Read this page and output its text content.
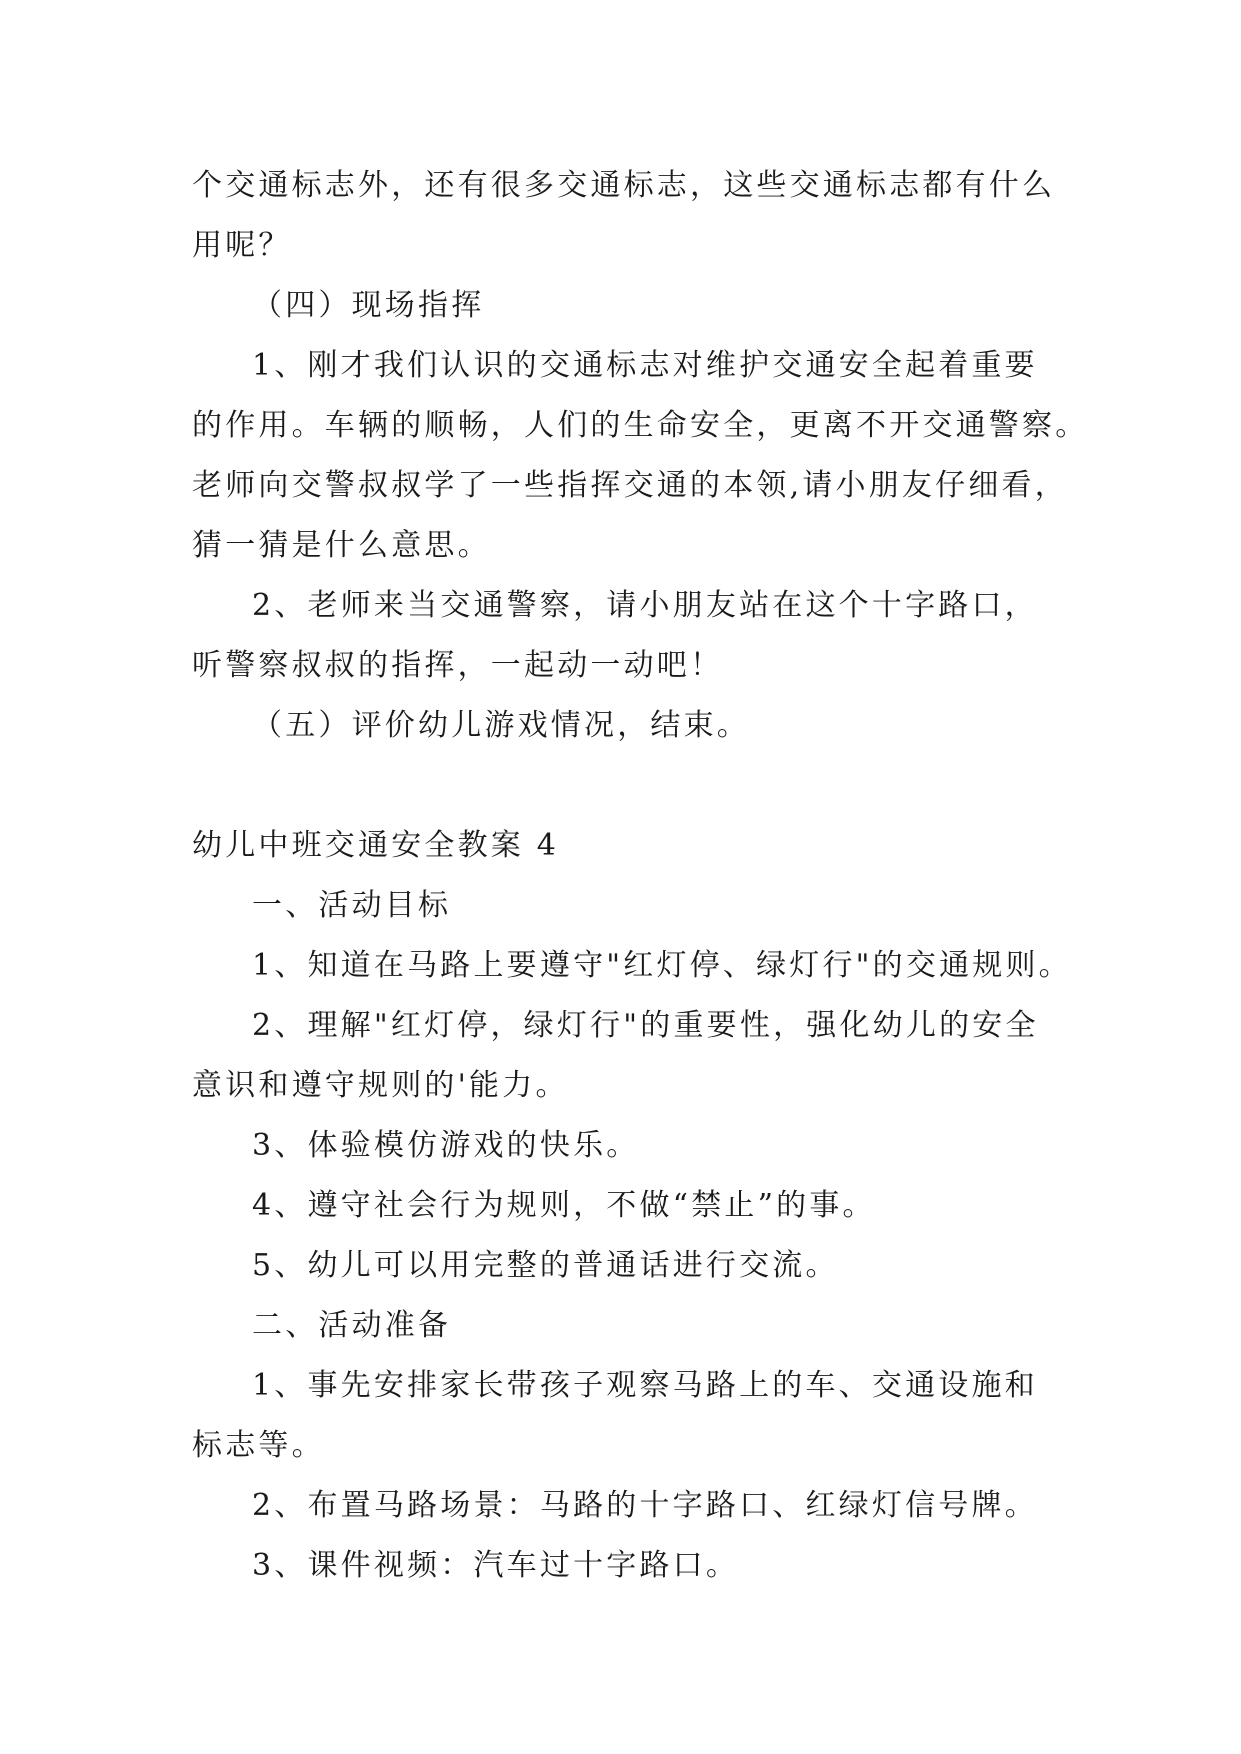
个交通标志外，还有很多交通标志，这些交通标志都有什么

用呢？

（四）现场指挥

1、刚才我们认识的交通标志对维护交通安全起着重要

的作用。车辆的顺畅，人们的生命安全，更离不开交通警察。

老师向交警叔叔学了一些指挥交通的本领,请小朋友仔细看，

猜一猜是什么意思。

2、老师来当交通警察，请小朋友站在这个十字路口，

听警察叔叔的指挥，一起动一动吧！

（五）评价幼儿游戏情况，结束。

幼儿中班交通安全教案 4

一、活动目标

1、知道在马路上要遵守"红灯停、绿灯行"的交通规则。

2、理解"红灯停，绿灯行"的重要性，强化幼儿的安全

意识和遵守规则的'能力。

3、体验模仿游戏的快乐。

4、遵守社会行为规则，不做“禁止”的事。

5、幼儿可以用完整的普通话进行交流。

二、活动准备

1、事先安排家长带孩子观察马路上的车、交通设施和

标志等。

2、布置马路场景：马路的十字路口、红绿灯信号牌。

3、课件视频：汽车过十字路口。
